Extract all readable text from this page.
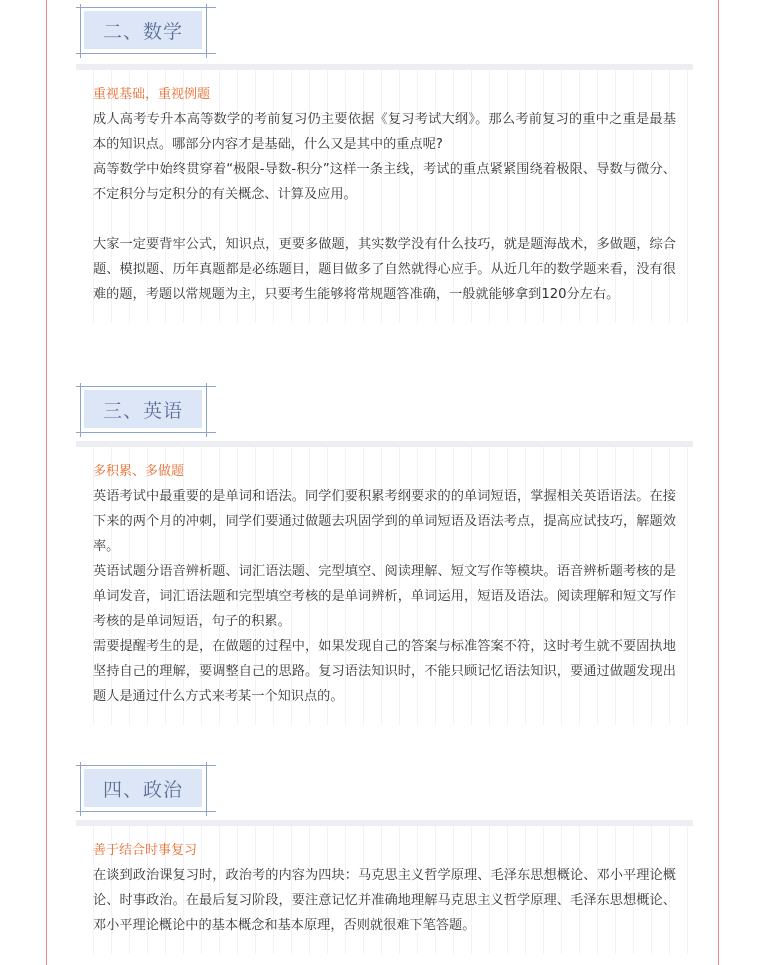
二、数学
重视基础，重视例题

成人高考专升本高等数学的考前复习仍主要依据《复习考试大纲》。那么考前复习的重中之重是最基本的知识点。哪部分内容才是基础，什么又是其中的重点呢?

高等数学中始终贯穿着“极限-导数-积分”这样一条主线，考试的重点紧紧围绕着极限、导数与微分、不定积分与定积分的有关概念、计算及应用。

大家一定要背牢公式，知识点，更要多做题，其实数学没有什么技巧，就是题海战术，多做题，综合题、模拟题、历年真题都是必练题目，题目做多了自然就得心应手。从近几年的数学题来看，没有很难的题，考题以常规题为主，只要考生能够将常规题答准确，一般就能够拿到120分左右。

三、英语
多积累、多做题

英语考试中最重要的是单词和语法。同学们要积累考纲要求的的单词短语，掌握相关英语语法。在接下来的两个月的冲刺，同学们要通过做题去巩固学到的单词短语及语法考点，提高应试技巧，解题效率。

英语试题分语音辨析题、词汇语法题、完型填空、阅读理解、短文写作等模块。语音辨析题考核的是单词发音，词汇语法题和完型填空考核的是单词辨析，单词运用，短语及语法。阅读理解和短文写作考核的是单词短语，句子的积累。

需要提醒考生的是，在做题的过程中，如果发现自己的答案与标准答案不符，这时考生就不要固执地坚持自己的理解，要调整自己的思路。复习语法知识时，不能只顾记忆语法知识，要通过做题发现出题人是通过什么方式来考某一个知识点的。

四、政治
善于结合时事复习

在谈到政治课复习时，政治考的内容为四块：马克思主义哲学原理、毛泽东思想概论、邓小平理论概论、时事政治。在最后复习阶段，要注意记忆并准确地理解马克思主义哲学原理、毛泽东思想概论、邓小平理论概论中的基本概念和基本原理，否则就很难下笔答题。
